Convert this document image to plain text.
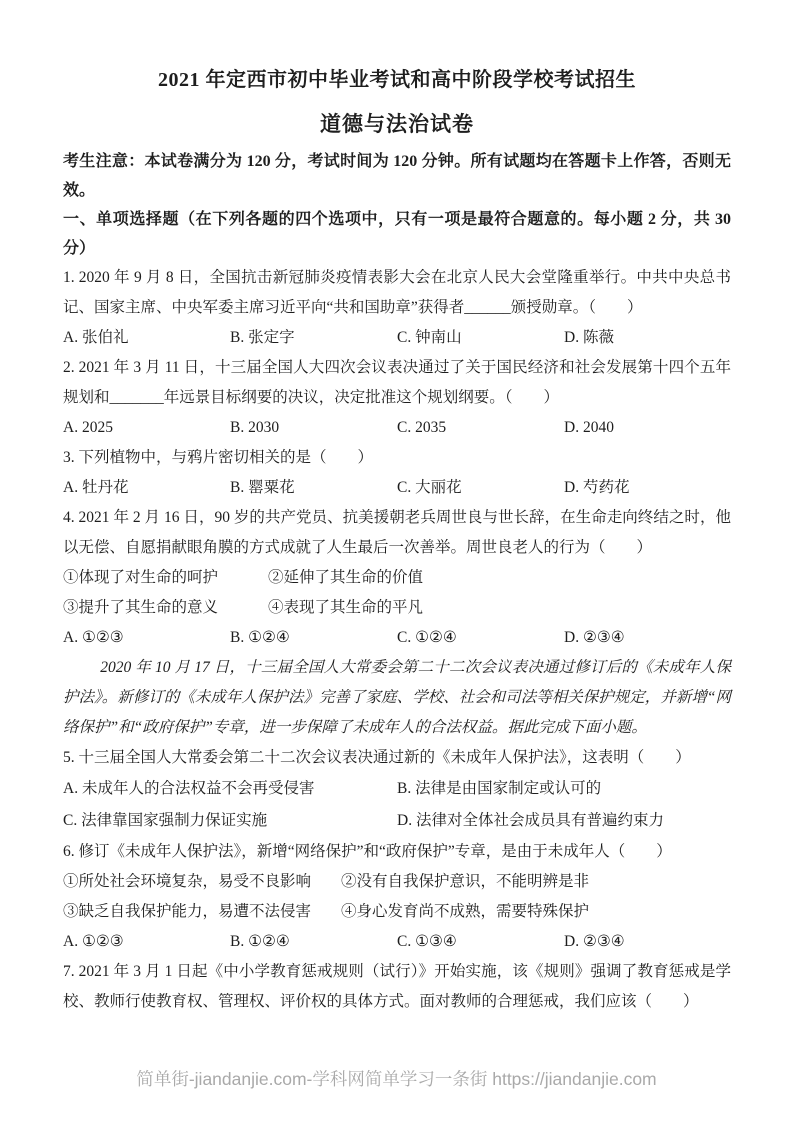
2021 年定西市初中毕业考试和高中阶段学校考试招生
道德与法治试卷

考生注意：本试卷满分为 120 分，考试时间为 120 分钟。所有试题均在答题卡上作答，否则无效。

一、单项选择题（在下列各题的四个选项中，只有一项是最符合题意的。每小题 2 分，共 30 分）

1. 2020 年 9 月 8 日，全国抗击新冠肺炎疫情表影大会在北京人民大会堂隆重举行。中共中央总书记、国家主席、中央军委主席习近平向“共和国助章”获得者______颁授勋章。（　　）

A. 张伯礼	B. 张定字	C. 钟南山	D. 陈薇

2. 2021 年 3 月 11 日，十三届全国人大四次会议表决通过了关于国民经济和社会发展第十四个五年规划和_______年远景目标纲要的决议，决定批准这个规划纲要。（　　）

A. 2025	B. 2030	C. 2035	D. 2040

3. 下列植物中，与鸦片密切相关的是（　　）

A. 牡丹花	B. 罂粟花	C. 大丽花	D. 芍药花

4. 2021 年 2 月 16 日，90 岁的共产党员、抗美援朝老兵周世良与世长辞，在生命走向终结之时，他以无偿、自愿捐献眼角膜的方式成就了人生最后一次善举。周世良老人的行为（　　）

①体现了对生命的呵护	②延伸了其生命的价值
③提升了其生命的意义	④表现了其生命的平凡
A. ①②③	B. ①②④	C. ①②④	D. ②③④

2020 年 10 月 17 日，十三届全国人大常委会第二十二次会议表决通过修订后的《未成年人保护法》。新修订的《未成年人保护法》完善了家庭、学校、社会和司法等相关保护规定，并新增“网络保护”和“政府保护”专章，进一步保障了未成年人的合法权益。据此完成下面小题。

5. 十三届全国人大常委会第二十二次会议表决通过新的《未成年人保护法》，这表明（　　）

A. 未成年人的合法权益不会再受侵害	B. 法律是由国家制定或认可的
C. 法律靠国家强制力保证实施	D. 法律对全体社会成员具有普遍约束力

6. 修订《未成年人保护法》，新增“网络保护”和“政府保护”专章，是由于未成年人（　　）

①所处社会环境复杂，易受不良影响	②没有自我保护意识，不能明辨是非
③缺乏自我保护能力，易遭不法侵害	④身心发育尚不成熟，需要特殊保护
A. ①②③	B. ①②④	C. ①③④	D. ②③④

7. 2021 年 3 月 1 日起《中小学教育惩戒规则（试行）》开始实施，该《规则》强调了教育惩戒是学校、教师行使教育权、管理权、评价权的具体方式。面对教师的合理惩戒，我们应该（　　）

简单街-jiandanjie.com-学科网简单学习一条街 https://jiandanjie.com
